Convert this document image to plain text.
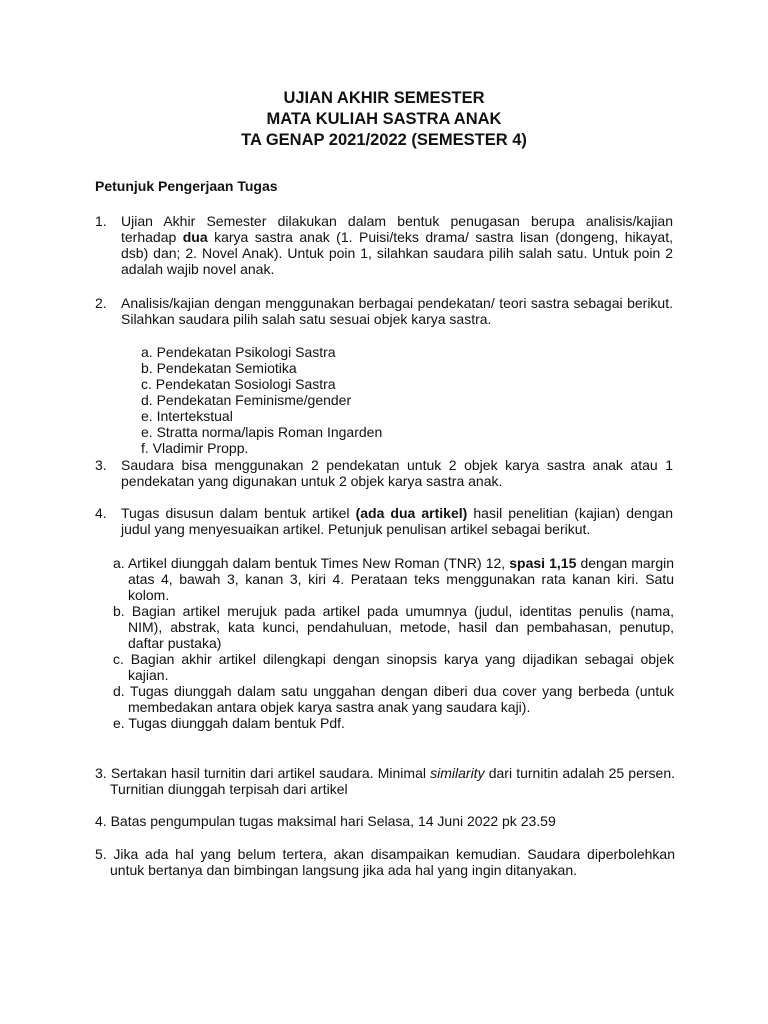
UJIAN AKHIR SEMESTER
MATA KULIAH SASTRA ANAK
TA GENAP 2021/2022 (SEMESTER 4)
Petunjuk Pengerjaan Tugas
1. Ujian Akhir Semester dilakukan dalam bentuk penugasan berupa analisis/kajian terhadap dua karya sastra anak (1. Puisi/teks drama/ sastra lisan (dongeng, hikayat, dsb) dan; 2. Novel Anak). Untuk poin 1, silahkan saudara pilih salah satu. Untuk poin 2 adalah wajib novel anak.
2. Analisis/kajian dengan menggunakan berbagai pendekatan/ teori sastra sebagai berikut. Silahkan saudara pilih salah satu sesuai objek karya sastra.
a. Pendekatan Psikologi Sastra
b. Pendekatan Semiotika
c. Pendekatan Sosiologi Sastra
d. Pendekatan Feminisme/gender
e. Intertekstual
e. Stratta norma/lapis Roman Ingarden
f. Vladimir Propp.
3. Saudara bisa menggunakan 2 pendekatan untuk 2 objek karya sastra anak atau 1 pendekatan yang digunakan untuk 2 objek karya sastra anak.
4. Tugas disusun dalam bentuk artikel (ada dua artikel) hasil penelitian (kajian) dengan judul yang menyesuaikan artikel. Petunjuk penulisan artikel sebagai berikut.
a. Artikel diunggah dalam bentuk Times New Roman (TNR) 12, spasi 1,15 dengan margin atas 4, bawah 3, kanan 3, kiri 4. Perataan teks menggunakan rata kanan kiri. Satu kolom.
b. Bagian artikel merujuk pada artikel pada umumnya (judul, identitas penulis (nama, NIM), abstrak, kata kunci, pendahuluan, metode, hasil dan pembahasan, penutup, daftar pustaka)
c. Bagian akhir artikel dilengkapi dengan sinopsis karya yang dijadikan sebagai objek kajian.
d. Tugas diunggah dalam satu unggahan dengan diberi dua cover yang berbeda (untuk membedakan antara objek karya sastra anak yang saudara kaji).
e. Tugas diunggah dalam bentuk Pdf.
3. Sertakan hasil turnitin dari artikel saudara. Minimal similarity dari turnitin adalah 25 persen. Turnitian diunggah terpisah dari artikel
4. Batas pengumpulan tugas maksimal hari Selasa, 14 Juni 2022 pk 23.59
5. Jika ada hal yang belum tertera, akan disampaikan kemudian. Saudara diperbolehkan untuk bertanya dan bimbingan langsung jika ada hal yang ingin ditanyakan.
